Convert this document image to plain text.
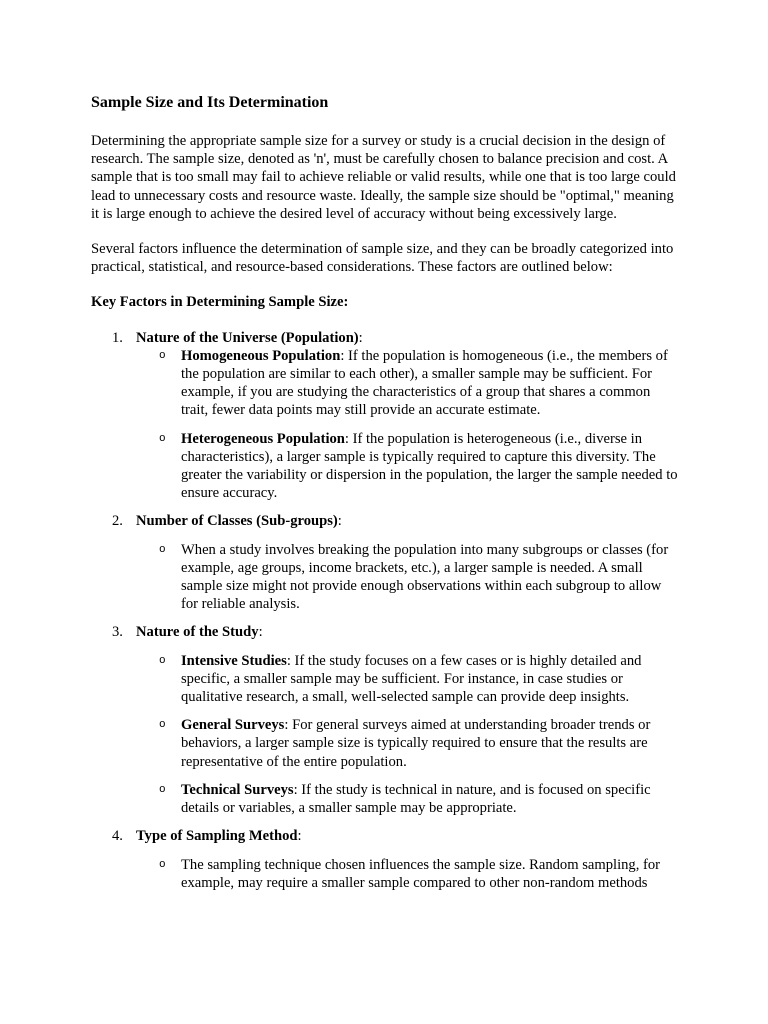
Sample Size and Its Determination

Determining the appropriate sample size for a survey or study is a crucial decision in the design of research. The sample size, denoted as 'n', must be carefully chosen to balance precision and cost. A sample that is too small may fail to achieve reliable or valid results, while one that is too large could lead to unnecessary costs and resource waste. Ideally, the sample size should be "optimal," meaning it is large enough to achieve the desired level of accuracy without being excessively large.

Several factors influence the determination of sample size, and they can be broadly categorized into practical, statistical, and resource-based considerations. These factors are outlined below:

Key Factors in Determining Sample Size:
1. Nature of the Universe (Population):
o Homogeneous Population: If the population is homogeneous (i.e., the members of the population are similar to each other), a smaller sample may be sufficient. For example, if you are studying the characteristics of a group that shares a common trait, fewer data points may still provide an accurate estimate.
o Heterogeneous Population: If the population is heterogeneous (i.e., diverse in characteristics), a larger sample is typically required to capture this diversity. The greater the variability or dispersion in the population, the larger the sample needed to ensure accuracy.
2. Number of Classes (Sub-groups):
o When a study involves breaking the population into many subgroups or classes (for example, age groups, income brackets, etc.), a larger sample is needed. A small sample size might not provide enough observations within each subgroup to allow for reliable analysis.
3. Nature of the Study:
o Intensive Studies: If the study focuses on a few cases or is highly detailed and specific, a smaller sample may be sufficient. For instance, in case studies or qualitative research, a small, well-selected sample can provide deep insights.
o General Surveys: For general surveys aimed at understanding broader trends or behaviors, a larger sample size is typically required to ensure that the results are representative of the entire population.
o Technical Surveys: If the study is technical in nature, and is focused on specific details or variables, a smaller sample may be appropriate.
4. Type of Sampling Method:
o The sampling technique chosen influences the sample size. Random sampling, for example, may require a smaller sample compared to other non-random methods
